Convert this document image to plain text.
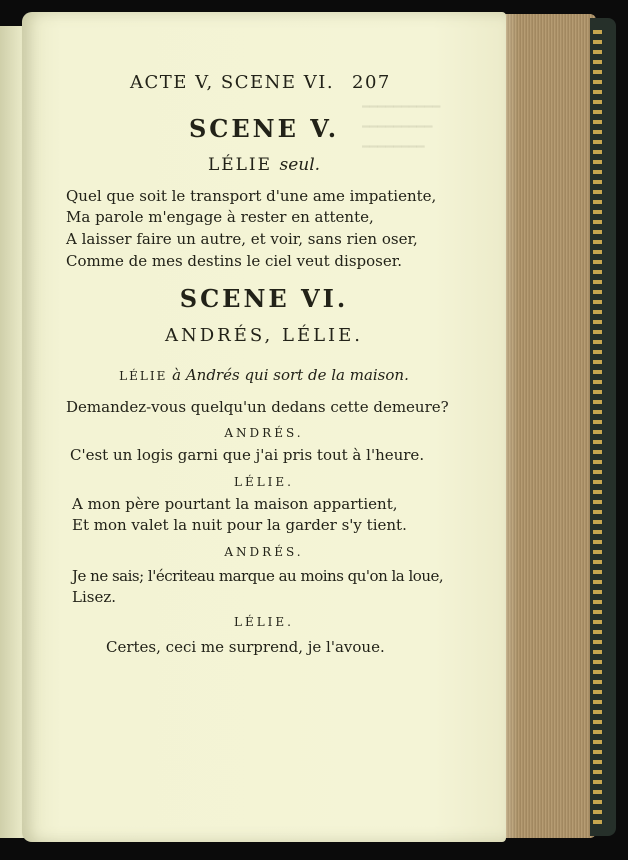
━━━━━━━━━━
━━━━━━━━━
━━━━━━━━
ACTE V, SCENE VI. 207
SCENE V.
LÉLIE seul.
Quel que soit le transport d'une ame impatiente,
Ma parole m'engage à rester en attente,
A laisser faire un autre, et voir, sans rien oser,
Comme de mes destins le ciel veut disposer.
SCENE VI.
ANDRÉS, LÉLIE.
LÉLIE à Andrés qui sort de la maison.
Demandez-vous quelqu'un dedans cette demeure?
ANDRÉS.
C'est un logis garni que j'ai pris tout à l'heure.
LÉLIE.
A mon père pourtant la maison appartient,
Et mon valet la nuit pour la garder s'y tient.
ANDRÉS.
Je ne sais; l'écriteau marque au moins qu'on la loue,
Lisez.
LÉLIE.
Certes, ceci me surprend, je l'avoue.
